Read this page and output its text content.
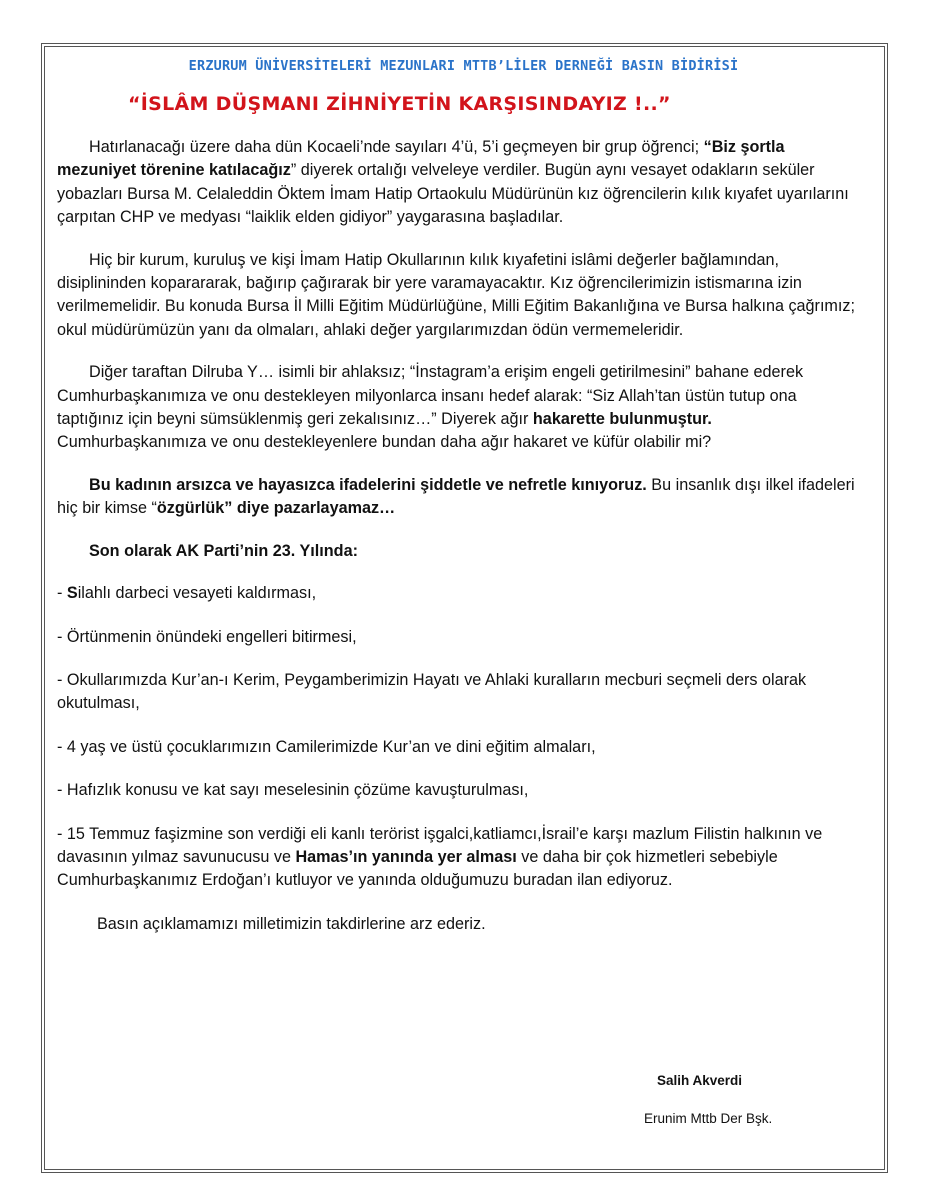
ERZURUM ÜNİVERSİTELERİ MEZUNLARI MTTB’LİLER DERNEĞİ BASIN BİDİRİSİ
“İSLÂM DÜŞMANI ZİHNİYETİN KARŞISINDAYIZ !..”

Hatırlanacağı üzere daha dün Kocaeli’nde sayıları 4’ü, 5’i geçmeyen bir grup öğrenci; “Biz şortla mezuniyet törenine katılacağız” diyerek ortalığı velveleye verdiler. Bugün aynı vesayet odakların seküler yobazları Bursa M. Celaleddin Öktem İmam Hatip Ortaokulu Müdürünün kız öğrencilerin kılık kıyafet uyarılarını çarpıtan CHP ve medyası “laiklik elden gidiyor” yaygarasına başladılar.

Hiç bir kurum, kuruluş ve kişi İmam Hatip Okullarının kılık kıyafetini islâmi değerler bağlamından, disiplininden koparararak, bağırıp çağırarak bir yere varamayacaktır. Kız öğrencilerimizin istismarına izin verilmemelidir. Bu konuda Bursa İl Milli Eğitim Müdürlüğüne, Milli Eğitim Bakanlığına ve Bursa halkına çağrımız; okul müdürümüzün yanı da olmaları, ahlaki değer yargılarımızdan ödün vermemeleridir.

Diğer taraftan Dilruba Y… isimli bir ahlaksız; “İnstagram’a erişim engeli getirilmesini” bahane ederek Cumhurbaşkanımıza ve onu destekleyen milyonlarca insanı hedef alarak: “Siz Allah’tan üstün tutup ona taptığınız için beyni sümsüklenmiş geri zekalısınız…” Diyerek ağır hakarette bulunmuştur. Cumhurbaşkanımıza ve onu destekleyenlere bundan daha ağır hakaret ve küfür olabilir mi?

Bu kadının arsızca ve hayasızca ifadelerini şiddetle ve nefretle kınıyoruz. Bu insanlık dışı ilkel ifadeleri hiç bir kimse “özgürlük” diye pazarlayamaz…

Son olarak AK Parti’nin 23. Yılında:

- Silahlı darbeci vesayeti kaldırması,

- Örtünmenin önündeki engelleri bitirmesi,

- Okullarımızda Kur’an-ı Kerim, Peygamberimizin Hayatı ve Ahlaki kuralların mecburi seçmeli ders olarak okutulması,

- 4 yaş ve üstü çocuklarımızın Camilerimizde Kur’an ve dini eğitim almaları,

- Hafızlık konusu ve kat sayı meselesinin çözüme kavuşturulması,

- 15 Temmuz faşizmine son verdiği eli kanlı terörist işgalci,katliamcı,İsrail’e karşı mazlum Filistin halkının ve davasının yılmaz savunucusu ve Hamas’ın yanında yer alması ve daha bir çok hizmetleri sebebiyle Cumhurbaşkanımız Erdoğan’ı kutluyor ve yanında olduğumuzu buradan ilan ediyoruz.

Basın açıklamamızı milletimizin takdirlerine arz ederiz.

Salih Akverdi
Erunim Mttb Der Bşk.
